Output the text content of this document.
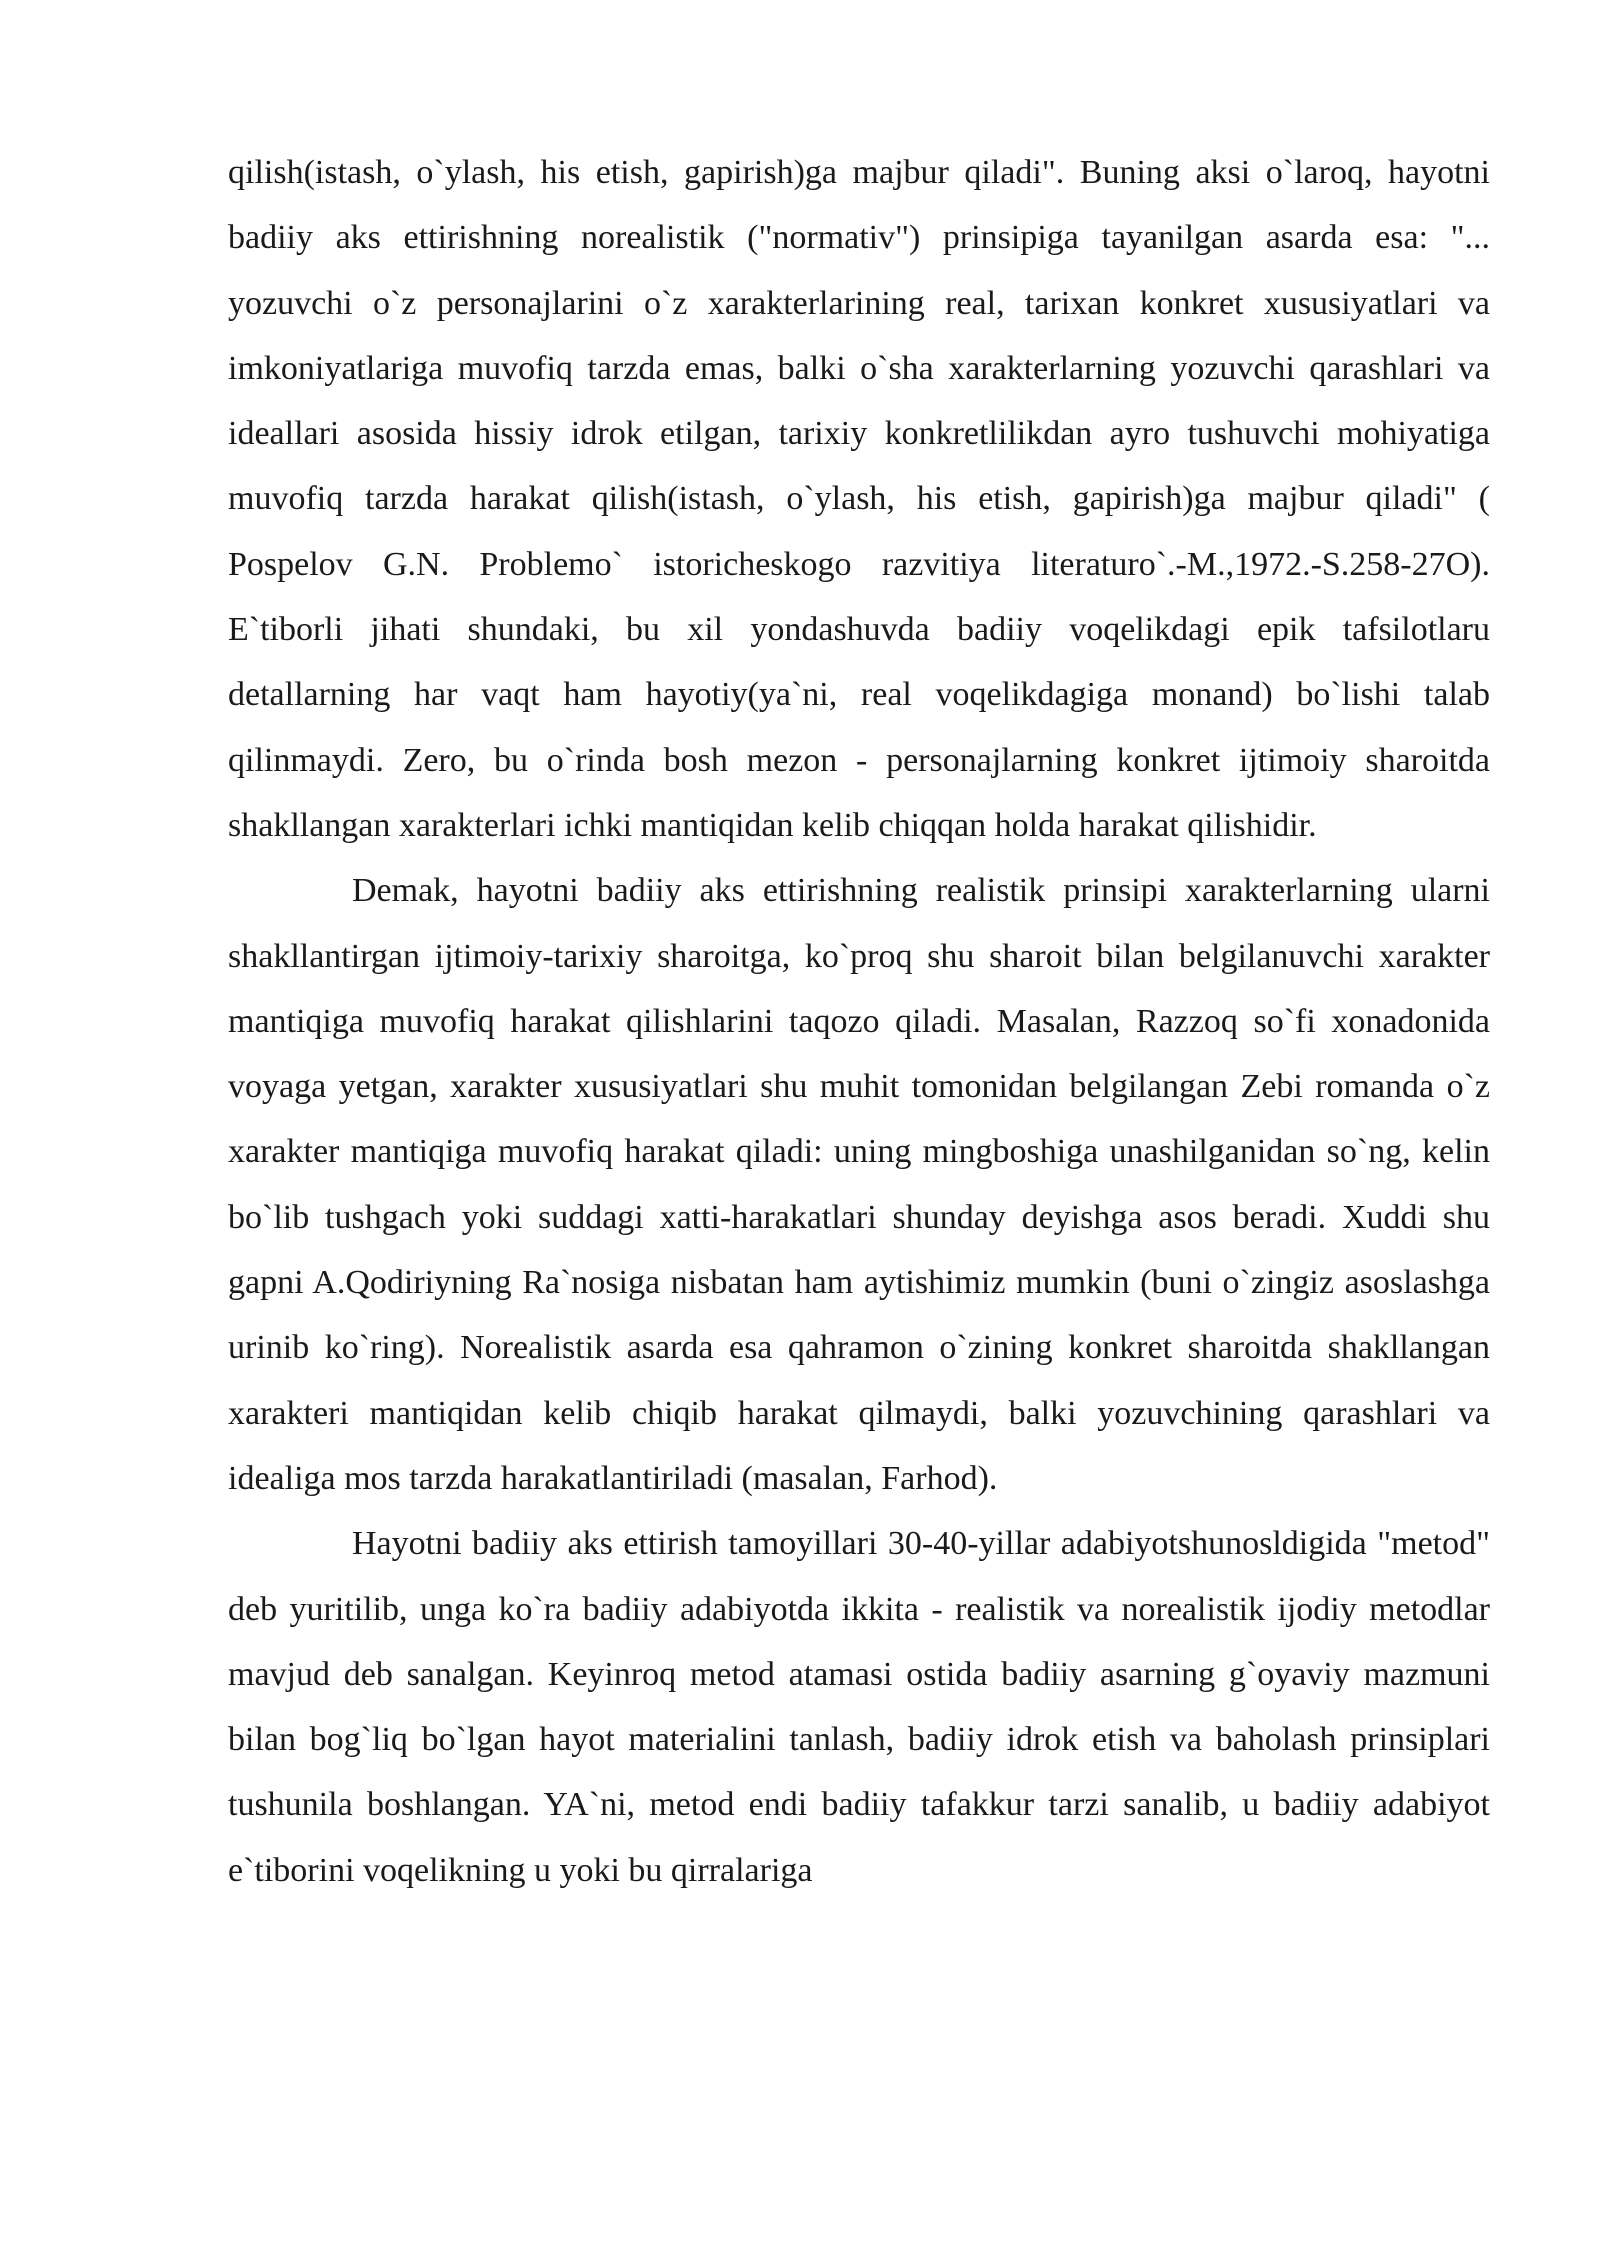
qilish(istash, o`ylash, his etish, gapirish)ga majbur qiladi". Buning aksi o`laroq, hayotni badiiy aks ettirishning norealistik ("normativ") prinsipiga tayanilgan asarda esa: "... yozuvchi o`z personajlarini o`z xarakterlarining real, tarixan konkret xususiyatlari va imkoniyatlariga muvofiq tarzda emas, balki o`sha xarakterlarning yozuvchi qarashlari va ideallari asosida hissiy idrok etilgan, tarixiy konkretlilikdan ayro tushuvchi mohiyatiga muvofiq tarzda harakat qilish(istash, o`ylash, his etish, gapirish)ga majbur qiladi" ( Pospelov G.N. Problemo` istoricheskogo razvitiya literaturo`.-M.,1972.-S.258-27O). E`tiborli jihati shundaki, bu xil yondashuvda badiiy voqelikdagi epik tafsilotlaru detallarning har vaqt ham hayotiy(ya`ni, real voqelikdagiga monand) bo`lishi talab qilinmaydi. Zero, bu o`rinda bosh mezon - personajlarning konkret ijtimoiy sharoitda shakllangan xarakterlari ichki mantiqidan kelib chiqqan holda harakat qilishidir.

Demak, hayotni badiiy aks ettirishning realistik prinsipi xarakterlarning ularni shakllantirgan ijtimoiy-tarixiy sharoitga, ko`proq shu sharoit bilan belgilanuvchi xarakter mantiqiga muvofiq harakat qilishlarini taqozo qiladi. Masalan, Razzoq so`fi xonadonida voyaga yetgan, xarakter xususiyatlari shu muhit tomonidan belgilangan Zebi romanda o`z xarakter mantiqiga muvofiq harakat qiladi: uning mingboshiga unashilganidan so`ng, kelin bo`lib tushgach yoki suddagi xatti-harakatlari shunday deyishga asos beradi. Xuddi shu gapni A.Qodiriyning Ra`nosiga nisbatan ham aytishimiz mumkin (buni o`zingiz asoslashga urinib ko`ring). Norealistik asarda esa qahramon o`zining konkret sharoitda shakllangan xarakteri mantiqidan kelib chiqib harakat qilmaydi, balki yozuvchining qarashlari va idealiga mos tarzda harakatlantiriladi (masalan, Farhod).

Hayotni badiiy aks ettirish tamoyillari 30-40-yillar adabiyotshunosldigida "metod" deb yuritilib, unga ko`ra badiiy adabiyotda ikkita - realistik va norealistik ijodiy metodlar mavjud deb sanalgan. Keyinroq metod atamasi ostida badiiy asarning g`oyaviy mazmuni bilan bog`liq bo`lgan hayot materialini tanlash, badiiy idrok etish va baholash prinsiplari tushunila boshlangan. YA`ni, metod endi badiiy tafakkur tarzi sanalib, u badiiy adabiyot e`tiborini voqelikning u yoki bu qirralariga
